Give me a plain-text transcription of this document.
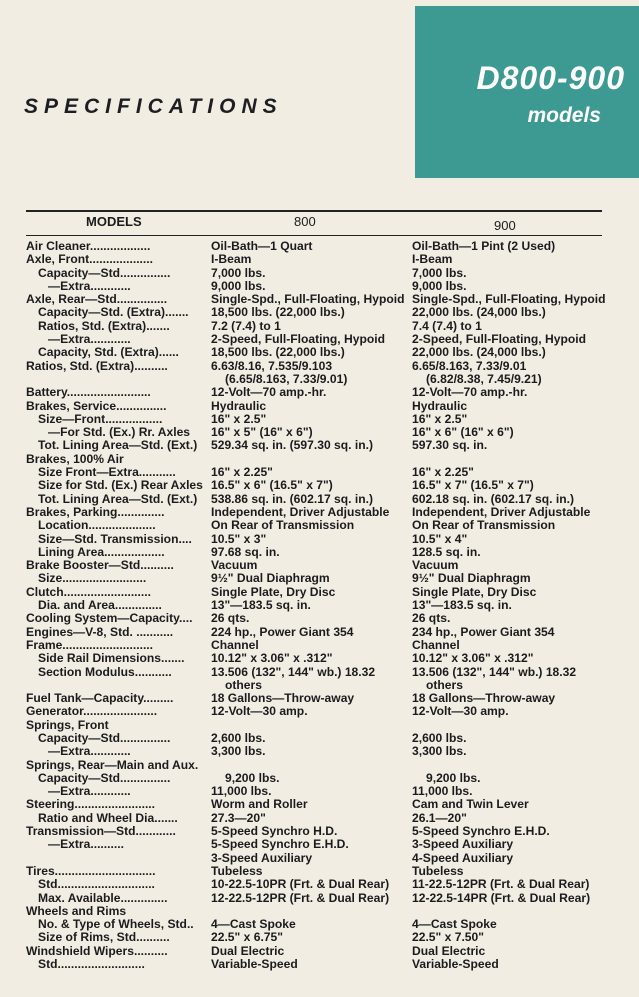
SPECIFICATIONS
D800-900
models
MODELS	800	900
Air Cleaner..................	Oil-Bath—1 Quart	Oil-Bath—1 Pint (2 Used)
Axle, Front...................	I-Beam	I-Beam
Capacity—Std...............	7,000 lbs.	7,000 lbs.
—Extra............	9,000 lbs.	9,000 lbs.
Axle, Rear—Std...............	Single-Spd., Full-Floating, Hypoid Single-Spd., Full-Floating, Hypoid
Capacity—Std. (Extra).......	18,500 lbs. (22,000 lbs.)	22,000 lbs. (24,000 lbs.)
Ratios, Std. (Extra).......	7.2 (7.4) to 1	7.4 (7.4) to 1
—Extra............	2-Speed, Full-Floating, Hypoid	2-Speed, Full-Floating, Hypoid
Capacity, Std. (Extra)......	18,500 lbs. (22,000 lbs.)	22,000 lbs. (24,000 lbs.)
Ratios, Std. (Extra)..........	6.63/8.16, 7.535/9.103	6.65/8.163, 7.33/9.01
(6.65/8.163, 7.33/9.01)	(6.82/8.38, 7.45/9.21)
Battery.........................	12-Volt—70 amp.-hr.	12-Volt—70 amp.-hr.
Brakes, Service...............	Hydraulic	Hydraulic
Size—Front.................	16" x 2.5"	16" x 2.5"
—For Std. (Ex.) Rr. Axles	16" x 5" (16" x 6")	16" x 6" (16" x 6")
Tot. Lining Area—Std. (Ext.)	529.34 sq. in. (597.30 sq. in.)	597.30 sq. in.
Brakes, 100% Air
Size Front—Extra...........	16" x 2.25"	16" x 2.25"
Size for Std. (Ex.) Rear Axles 16.5" x 6" (16.5" x 7")	16.5" x 7" (16.5" x 7")
Tot. Lining Area—Std. (Ext.)	538.86 sq. in. (602.17 sq. in.)	602.18 sq. in. (602.17 sq. in.)
Brakes, Parking..............	Independent, Driver Adjustable	Independent, Driver Adjustable
Location....................	On Rear of Transmission	On Rear of Transmission
Size—Std. Transmission....	10.5" x 3"	10.5" x 4"
Lining Area..................	97.68 sq. in.	128.5 sq. in.
Brake Booster—Std..........	Vacuum	Vacuum
Size.........................	9½" Dual Diaphragm	9½" Dual Diaphragm
Clutch..........................	Single Plate, Dry Disc	Single Plate, Dry Disc
Dia. and Area..............	13"—183.5 sq. in.	13"—183.5 sq. in.
Cooling System—Capacity....	26 qts.	26 qts.
Engines—V-8, Std. ...........	224 hp., Power Giant 354	234 hp., Power Giant 354
Frame...........................	Channel	Channel
Side Rail Dimensions.......	10.12" x 3.06" x .312"	10.12" x 3.06" x .312"
Section Modulus...........	13.506 (132", 144" wb.) 18.32	13.506 (132", 144" wb.) 18.32
others	others
Fuel Tank—Capacity.........	18 Gallons—Throw-away	18 Gallons—Throw-away
Generator......................	12-Volt—30 amp.	12-Volt—30 amp.
Springs, Front
Capacity—Std...............	2,600 lbs.	2,600 lbs.
—Extra............	3,300 lbs.	3,300 lbs.
Springs, Rear—Main and Aux.
Capacity—Std...............	9,200 lbs.	9,200 lbs.
—Extra............	11,000 lbs.	11,000 lbs.
Steering........................	Worm and Roller	Cam and Twin Lever
Ratio and Wheel Dia.......	27.3—20"	26.1—20"
Transmission—Std............	5-Speed Synchro H.D.	5-Speed Synchro E.H.D.
—Extra..........	5-Speed Synchro E.H.D.	3-Speed Auxiliary
3-Speed Auxiliary	4-Speed Auxiliary
Tires..............................	Tubeless	Tubeless
Std.............................	10-22.5-10PR (Frt. & Dual Rear)	11-22.5-12PR (Frt. & Dual Rear)
Max. Available..............	12-22.5-12PR (Frt. & Dual Rear)	12-22.5-14PR (Frt. & Dual Rear)
Wheels and Rims
No. & Type of Wheels, Std..	4—Cast Spoke	4—Cast Spoke
Size of Rims, Std..........	22.5" x 6.75"	22.5" x 7.50"
Windshield Wipers..........	Dual Electric	Dual Electric
Std..........................	Variable-Speed	Variable-Speed
